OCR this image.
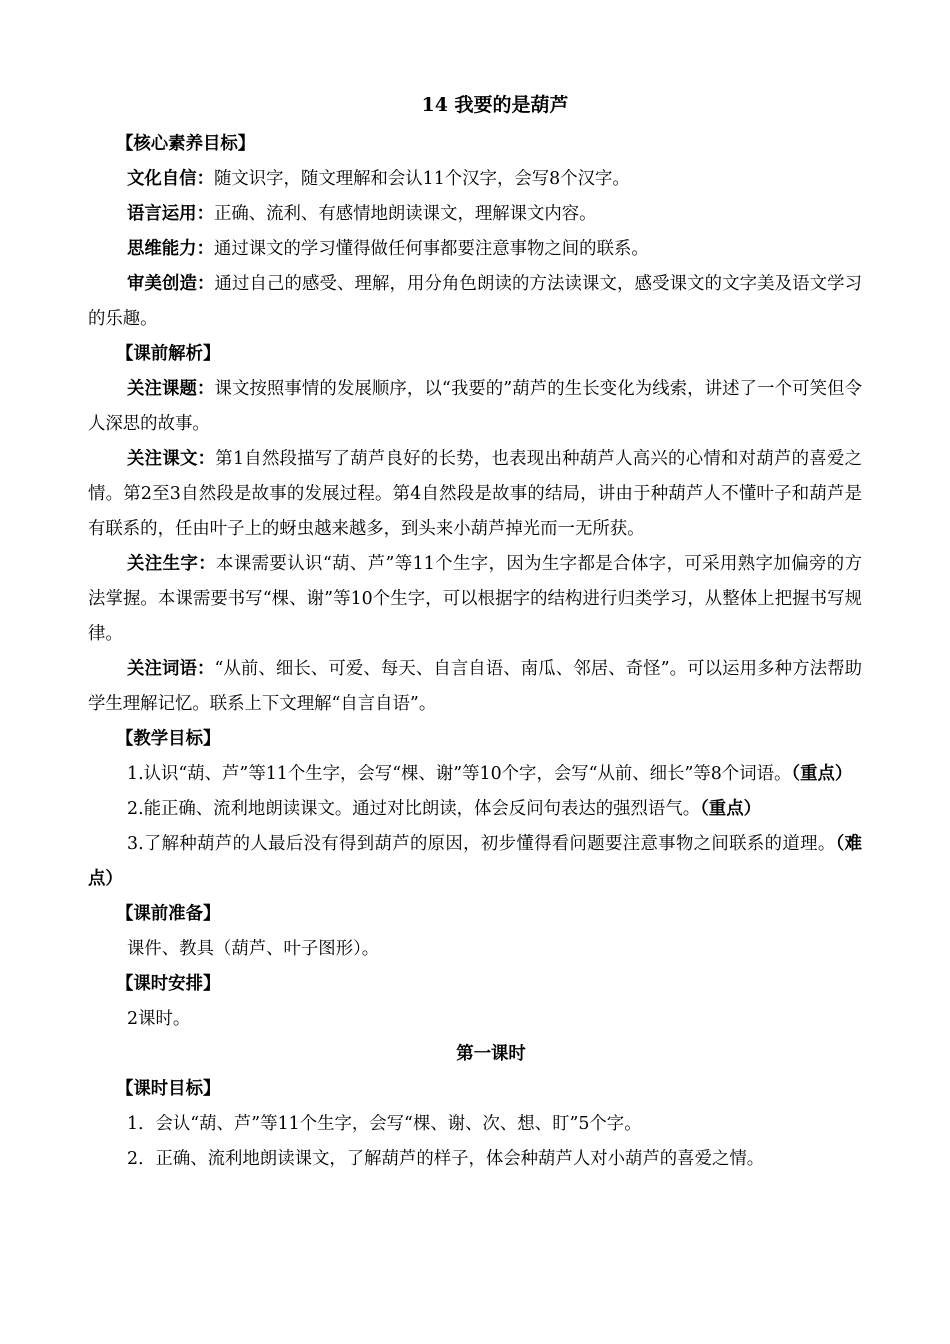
14 我要的是葫芦

【核心素养目标】

文化自信：随文识字，随文理解和会认11个汉字，会写8个汉字。

语言运用：正确、流利、有感情地朗读课文，理解课文内容。

思维能力：通过课文的学习懂得做任何事都要注意事物之间的联系。

审美创造：通过自己的感受、理解，用分角色朗读的方法读课文，感受课文的文字美及语文学习的乐趣。

【课前解析】

关注课题：课文按照事情的发展顺序，以“我要的”葫芦的生长变化为线索，讲述了一个可笑但令人深思的故事。

关注课文：第1自然段描写了葫芦良好的长势，也表现出种葫芦人高兴的心情和对葫芦的喜爱之情。第2至3自然段是故事的发展过程。第4自然段是故事的结局，讲由于种葫芦人不懂叶子和葫芦是有联系的，任由叶子上的蚜虫越来越多，到头来小葫芦掉光而一无所获。

关注生字：本课需要认识“葫、芦”等11个生字，因为生字都是合体字，可采用熟字加偏旁的方法掌握。本课需要书写“棵、谢”等10个生字，可以根据字的结构进行归类学习，从整体上把握书写规律。

关注词语：“从前、细长、可爱、每天、自言自语、南瓜、邻居、奇怪”。可以运用多种方法帮助学生理解记忆。联系上下文理解“自言自语”。

【教学目标】

1.认识“葫、芦”等11个生字，会写“棵、谢”等10个字，会写“从前、细长”等8个词语。（重点）

2.能正确、流利地朗读课文。通过对比朗读，体会反问句表达的强烈语气。（重点）

3.了解种葫芦的人最后没有得到葫芦的原因，初步懂得看问题要注意事物之间联系的道理。（难点）

【课前准备】

课件、教具（葫芦、叶子图形）。

【课时安排】

2课时。

第一课时

【课时目标】

1．会认“葫、芦”等11个生字，会写“棵、谢、次、想、盯”5个字。

2．正确、流利地朗读课文，了解葫芦的样子，体会种葫芦人对小葫芦的喜爱之情。
